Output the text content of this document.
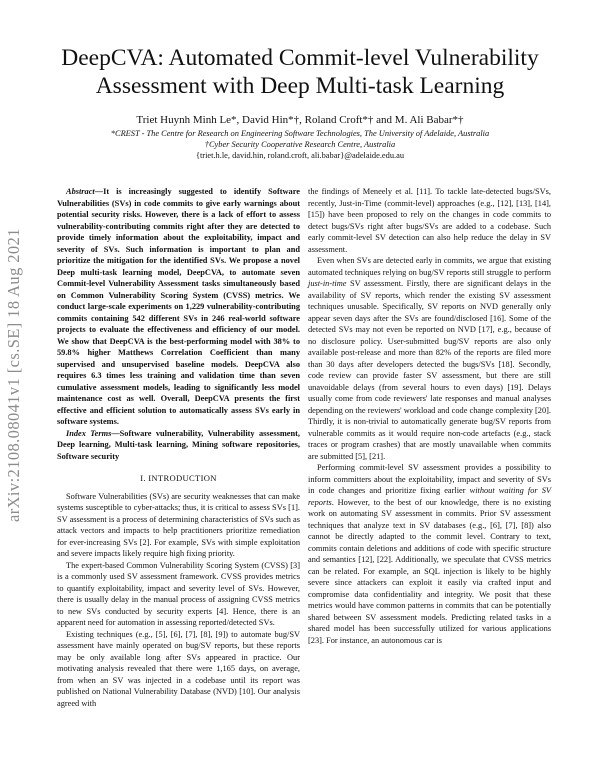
arXiv:2108.08041v1 [cs.SE] 18 Aug 2021
DeepCVA: Automated Commit-level Vulnerability
Assessment with Deep Multi-task Learning
Triet Huynh Minh Le*, David Hin*†, Roland Croft*† and M. Ali Babar*†
*CREST - The Centre for Research on Engineering Software Technologies, The University of Adelaide, Australia
†Cyber Security Cooperative Research Centre, Australia
{triet.h.le, david.hin, roland.croft, ali.babar}@adelaide.edu.au

Abstract—It is increasingly suggested to identify Software Vulnerabilities (SVs) in code commits to give early warnings about potential security risks. However, there is a lack of effort to assess vulnerability-contributing commits right after they are detected to provide timely information about the exploitability, impact and severity of SVs. Such information is important to plan and prioritize the mitigation for the identified SVs. We propose a novel Deep multi-task learning model, DeepCVA, to automate seven Commit-level Vulnerability Assessment tasks simultaneously based on Common Vulnerability Scoring System (CVSS) metrics. We conduct large-scale experiments on 1,229 vulnerability-contributing commits containing 542 different SVs in 246 real-world software projects to evaluate the effectiveness and efficiency of our model. We show that DeepCVA is the best-performing model with 38% to 59.8% higher Matthews Correlation Coefficient than many supervised and unsupervised baseline models. DeepCVA also requires 6.3 times less training and validation time than seven cumulative assessment models, leading to significantly less model maintenance cost as well. Overall, DeepCVA presents the first effective and efficient solution to automatically assess SVs early in software systems.

Index Terms—Software vulnerability, Vulnerability assessment, Deep learning, Multi-task learning, Mining software repositories, Software security

I. INTRODUCTION

Software Vulnerabilities (SVs) are security weaknesses that can make systems susceptible to cyber-attacks; thus, it is critical to assess SVs [1]. SV assessment is a process of determining characteristics of SVs such as attack vectors and impacts to help practitioners prioritize remediation for ever-increasing SVs [2]. For example, SVs with simple exploitation and severe impacts likely require high fixing priority.

The expert-based Common Vulnerability Scoring System (CVSS) [3] is a commonly used SV assessment framework. CVSS provides metrics to quantify exploitability, impact and severity level of SVs. However, there is usually delay in the manual process of assigning CVSS metrics to new SVs conducted by security experts [4]. Hence, there is an apparent need for automation in assessing reported/detected SVs.

Existing techniques (e.g., [5], [6], [7], [8], [9]) to automate bug/SV assessment have mainly operated on bug/SV reports, but these reports may be only available long after SVs appeared in practice. Our motivating analysis revealed that there were 1,165 days, on average, from when an SV was injected in a codebase until its report was published on National Vulnerability Database (NVD) [10]. Our analysis agreed with

the findings of Meneely et al. [11]. To tackle late-detected bugs/SVs, recently, Just-in-Time (commit-level) approaches (e.g., [12], [13], [14], [15]) have been proposed to rely on the changes in code commits to detect bugs/SVs right after bugs/SVs are added to a codebase. Such early commit-level SV detection can also help reduce the delay in SV assessment.

Even when SVs are detected early in commits, we argue that existing automated techniques relying on bug/SV reports still struggle to perform just-in-time SV assessment. Firstly, there are significant delays in the availability of SV reports, which render the existing SV assessment techniques unusable. Specifically, SV reports on NVD generally only appear seven days after the SVs are found/disclosed [16]. Some of the detected SVs may not even be reported on NVD [17], e.g., because of no disclosure policy. User-submitted bug/SV reports are also only available post-release and more than 82% of the reports are filed more than 30 days after developers detected the bugs/SVs [18]. Secondly, code review can provide faster SV assessment, but there are still unavoidable delays (from several hours to even days) [19]. Delays usually come from code reviewers' late responses and manual analyses depending on the reviewers' workload and code change complexity [20]. Thirdly, it is non-trivial to automatically generate bug/SV reports from vulnerable commits as it would require non-code artefacts (e.g., stack traces or program crashes) that are mostly unavailable when commits are submitted [5], [21].

Performing commit-level SV assessment provides a possibility to inform committers about the exploitability, impact and severity of SVs in code changes and prioritize fixing earlier without waiting for SV reports. However, to the best of our knowledge, there is no existing work on automating SV assessment in commits. Prior SV assessment techniques that analyze text in SV databases (e.g., [6], [7], [8]) also cannot be directly adapted to the commit level. Contrary to text, commits contain deletions and additions of code with specific structure and semantics [12], [22]. Additionally, we speculate that CVSS metrics can be related. For example, an SQL injection is likely to be highly severe since attackers can exploit it easily via crafted input and compromise data confidentiality and integrity. We posit that these metrics would have common patterns in commits that can be potentially shared between SV assessment models. Predicting related tasks in a shared model has been successfully utilized for various applications [23]. For instance, an autonomous car is
